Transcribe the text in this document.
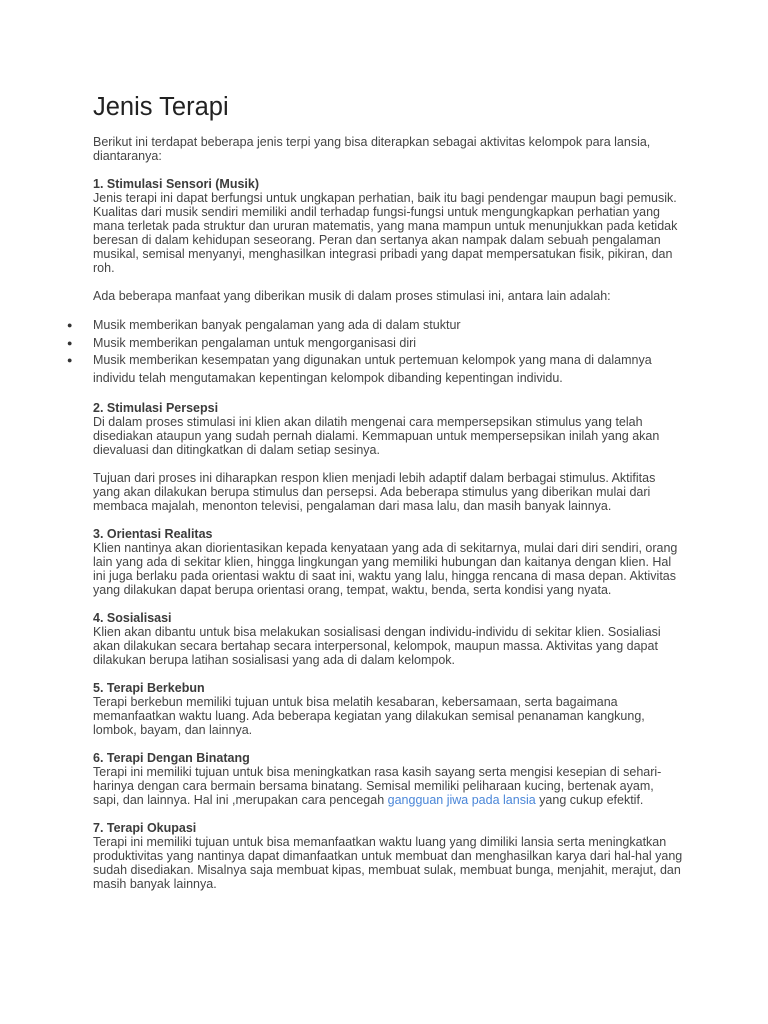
Jenis Terapi

Berikut ini terdapat beberapa jenis terpi yang bisa diterapkan sebagai aktivitas kelompok para lansia, diantaranya:

1. Stimulasi Sensori (Musik)

Jenis terapi ini dapat berfungsi untuk ungkapan perhatian, baik itu bagi pendengar maupun bagi pemusik. Kualitas dari musik sendiri memiliki andil terhadap fungsi-fungsi untuk mengungkapkan perhatian yang mana terletak pada struktur dan ururan matematis, yang mana mampun untuk menunjukkan pada ketidak beresan di dalam kehidupan seseorang. Peran dan sertanya akan nampak dalam sebuah pengalaman musikal, semisal menyanyi, menghasilkan integrasi pribadi yang dapat mempersatukan fisik, pikiran, dan roh.

Ada beberapa manfaat yang diberikan musik di dalam proses stimulasi ini, antara lain adalah:

● Musik memberikan banyak pengalaman yang ada di dalam stuktur
● Musik memberikan pengalaman untuk mengorganisasi diri
● Musik memberikan kesempatan yang digunakan untuk pertemuan kelompok yang mana di dalamnya individu telah mengutamakan kepentingan kelompok dibanding kepentingan individu.

2. Stimulasi Persepsi

Di dalam proses stimulasi ini klien akan dilatih mengenai cara mempersepsikan stimulus yang telah disediakan ataupun yang sudah pernah dialami. Kemmapuan untuk mempersepsikan inilah yang akan dievaluasi dan ditingkatkan di dalam setiap sesinya.

Tujuan dari proses ini diharapkan respon klien menjadi lebih adaptif dalam berbagai stimulus. Aktifitas yang akan dilakukan berupa stimulus dan persepsi. Ada beberapa stimulus yang diberikan mulai dari membaca majalah, menonton televisi, pengalaman dari masa lalu, dan masih banyak lainnya.

3. Orientasi Realitas

Klien nantinya akan diorientasikan kepada kenyataan yang ada di sekitarnya, mulai dari diri sendiri, orang lain yang ada di sekitar klien, hingga lingkungan yang memiliki hubungan dan kaitanya dengan klien. Hal ini juga berlaku pada orientasi waktu di saat ini, waktu yang lalu, hingga rencana di masa depan. Aktivitas yang dilakukan dapat berupa orientasi orang, tempat, waktu, benda, serta kondisi yang nyata.

4. Sosialisasi

Klien akan dibantu untuk bisa melakukan sosialisasi dengan individu-individu di sekitar klien. Sosialiasi akan dilakukan secara bertahap secara interpersonal, kelompok, maupun massa. Aktivitas yang dapat dilakukan berupa latihan sosialisasi yang ada di dalam kelompok.

5. Terapi Berkebun

Terapi berkebun memiliki tujuan untuk bisa melatih kesabaran, kebersamaan, serta bagaimana memanfaatkan waktu luang. Ada beberapa kegiatan yang dilakukan semisal penanaman kangkung, lombok, bayam, dan lainnya.

6. Terapi Dengan Binatang

Terapi ini memiliki tujuan untuk bisa meningkatkan rasa kasih sayang serta mengisi kesepian di sehari-harinya dengan cara bermain bersama binatang. Semisal memiliki peliharaan kucing, bertenak ayam, sapi, dan lainnya. Hal ini ,merupakan cara pencegah gangguan jiwa pada lansia yang cukup efektif.

7. Terapi Okupasi

Terapi ini memiliki tujuan untuk bisa memanfaatkan waktu luang yang dimiliki lansia serta meningkatkan produktivitas yang nantinya dapat dimanfaatkan untuk membuat dan menghasilkan karya dari hal-hal yang sudah disediakan. Misalnya saja membuat kipas, membuat sulak, membuat bunga, menjahit, merajut, dan masih banyak lainnya.
